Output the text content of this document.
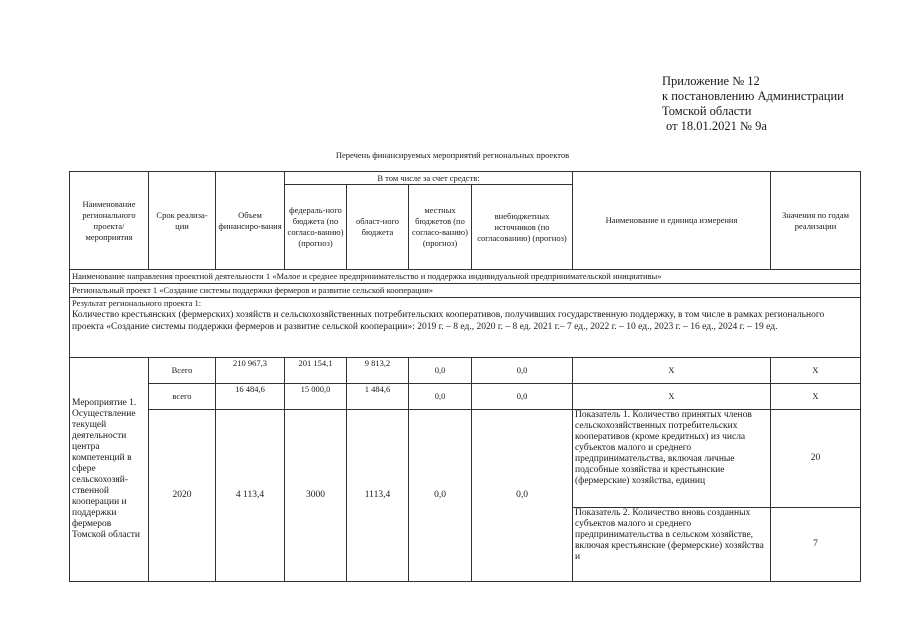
Приложение № 12
к постановлению Администрации
Томской области
от 18.01.2021 № 9а
Перечень финансируемых мероприятий региональных проектов
Наименование регионального проекта/ мероприятия	Срок реализа-ции	Объем финансиро-вания	В том числе за счет средств:				Наименование и единица измерения	Значения по годам реализации
			федераль-ного бюджета (по согласо-ванию) (прогноз)	област-ного бюджета	местных бюджетов (по согласо-ванию) (прогноз)	внебюджетных источников (по согласованию) (прогноз)		
Наименование направления проектной деятельности 1 «Малое и среднее предпринимательство и поддержка индивидуальной предпринимательской инициативы»								
Региональный проект 1 «Создание системы поддержки фермеров и развитие сельской кооперации»								

Результат регионального проекта 1:
Количество крестьянских (фермерских) хозяйств и сельскохозяйственных потребительских кооперативов, получивших государственную поддержку, в том числе в рамках регионального проекта «Создание системы поддержки фермеров и развитие сельской кооперации»: 2019 г. – 8 ед., 2020 г. – 8 ед. 2021 г.– 7 ед., 2022 г. – 10 ед., 2023 г. – 16 ед., 2024 г. – 19 ед.								

Мероприятие 1. Осуществление текущей деятельности центра компетенций в сфере сельскохозяй-ственной кооперации и поддержки фермеров Томской области	Всего	210 967,3	201 154,1	9 813,2	0,0	0,0	X	X
	всего	16 484,6	15 000,0	1 484,6	0,0	0,0	X	X
	2020	4 113,4	3000	1113,4	0,0	0,0	Показатель 1. Количество принятых членов сельскохозяйственных потребительских кооперативов (кроме кредитных) из числа субъектов малого и среднего предпринимательства, включая личные подсобные хозяйства и крестьянские (фермерские) хозяйства, единиц	20
							Показатель 2. Количество вновь созданных субъектов малого и среднего предпринимательства в сельском хозяйстве, включая крестьянские (фермерские) хозяйства и	7
